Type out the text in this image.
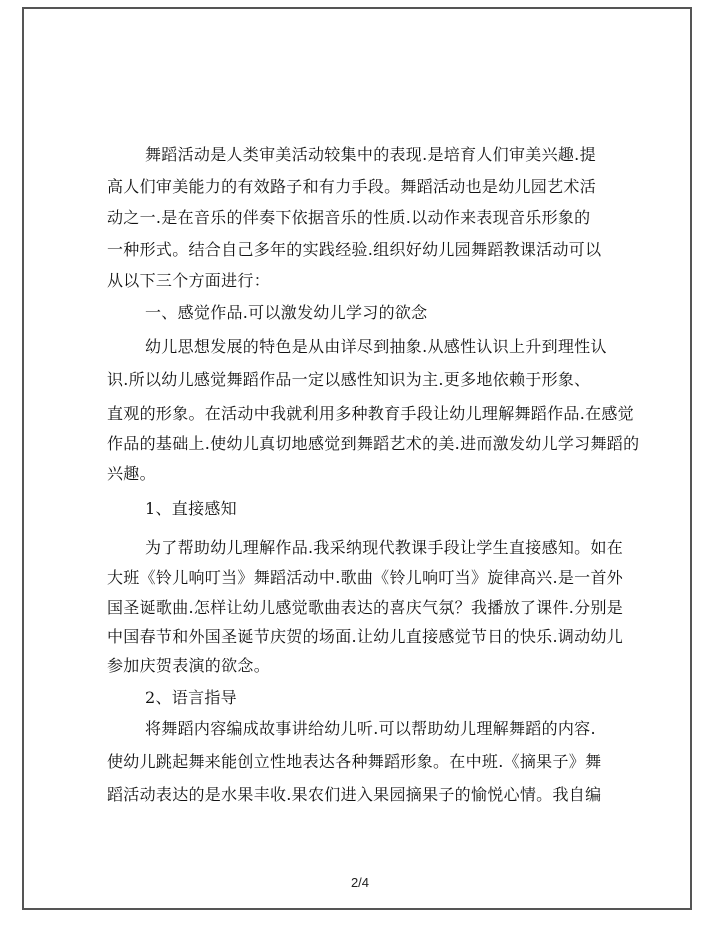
舞蹈活动是人类审美活动较集中的表现.是培育人们审美兴趣.提
高人们审美能力的有效路子和有力手段。舞蹈活动也是幼儿园艺术活
动之一.是在音乐的伴奏下依据音乐的性质.以动作来表现音乐形象的
一种形式。结合自己多年的实践经验.组织好幼儿园舞蹈教课活动可以
从以下三个方面进行：
一、感觉作品.可以激发幼儿学习的欲念
幼儿思想发展的特色是从由详尽到抽象.从感性认识上升到理性认
识.所以幼儿感觉舞蹈作品一定以感性知识为主.更多地依赖于形象、
直观的形象。在活动中我就利用多种教育手段让幼儿理解舞蹈作品.在感觉
作品的基础上.使幼儿真切地感觉到舞蹈艺术的美.进而激发幼儿学习舞蹈的
兴趣。
1、直接感知
为了帮助幼儿理解作品.我采纳现代教课手段让学生直接感知。如在
大班《铃儿响叮当》舞蹈活动中.歌曲《铃儿响叮当》旋律高兴.是一首外
国圣诞歌曲.怎样让幼儿感觉歌曲表达的喜庆气氛？我播放了课件.分别是
中国春节和外国圣诞节庆贺的场面.让幼儿直接感觉节日的快乐.调动幼儿
参加庆贺表演的欲念。
2、语言指导
将舞蹈内容编成故事讲给幼儿听.可以帮助幼儿理解舞蹈的内容.
使幼儿跳起舞来能创立性地表达各种舞蹈形象。在中班.《摘果子》舞
蹈活动表达的是水果丰收.果农们进入果园摘果子的愉悦心情。我自编
2/4
